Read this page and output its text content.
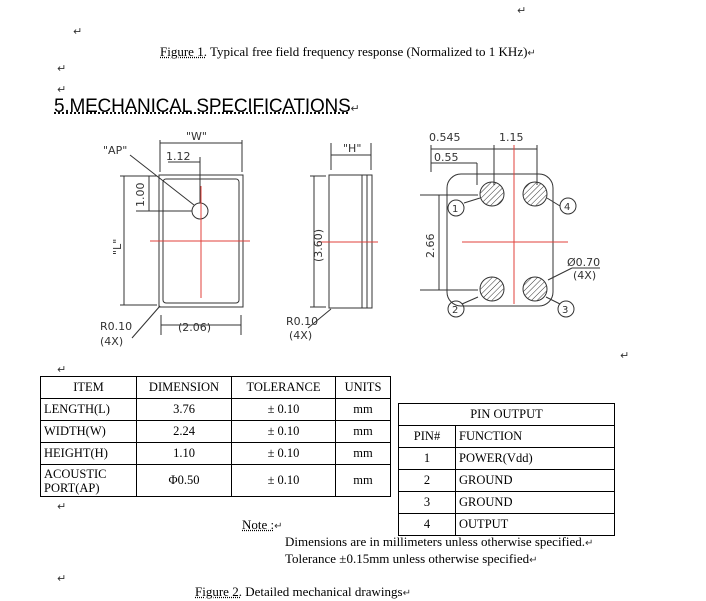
↵
↵
↵
↵
↵
↵
↵
↵
Figure 1. Typical free field frequency response (Normalized to 1 KHz)↵
5.MECHANICAL SPECIFICATIONS↵
"AP"
"W"
1.12
1.00
"L"
R0.10
(4X)
(2.06)
"H"
(3.60)
R0.10
(4X)
0.545	1.15
0.55
2.66
Ø0.70
(4X)
1
2	3
4
ITEM	DIMENSION	TOLERANCE	UNITS
LENGTH(L)	3.76	± 0.10	mm
WIDTH(W)	2.24	± 0.10	mm
HEIGHT(H)	1.10	± 0.10	mm
ACOUSTIC PORT(AP)	Φ0.50	± 0.10	mm
PIN OUTPUT	
PIN#	FUNCTION
1	POWER(Vdd)
2	GROUND
3	GROUND
4	OUTPUT
Note :↵
Dimensions are in millimeters unless otherwise specified.↵
Tolerance ±0.15mm unless otherwise specified↵
Figure 2. Detailed mechanical drawings↵
